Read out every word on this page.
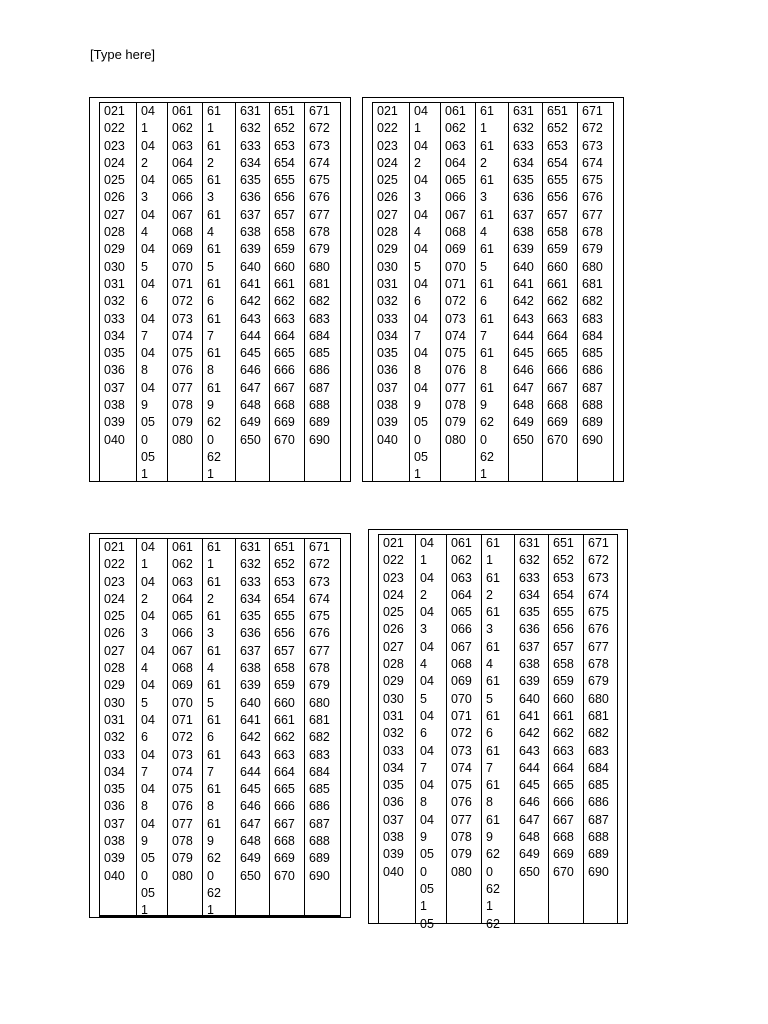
[Type here]
021
022
023
024
025
026
027
028
029
030
031
032
033
034
035
036
037
038
039
040
04
1
04
2
04
3
04
4
04
5
04
6
04
7
04
8
04
9
05
0
05
1
061
062
063
064
065
066
067
068
069
070
071
072
073
074
075
076
077
078
079
080
61
1
61
2
61
3
61
4
61
5
61
6
61
7
61
8
61
9
62
0
62
1
631
632
633
634
635
636
637
638
639
640
641
642
643
644
645
646
647
648
649
650
651
652
653
654
655
656
657
658
659
660
661
662
663
664
665
666
667
668
669
670
671
672
673
674
675
676
677
678
679
680
681
682
683
684
685
686
687
688
689
690
021
022
023
024
025
026
027
028
029
030
031
032
033
034
035
036
037
038
039
040
04
1
04
2
04
3
04
4
04
5
04
6
04
7
04
8
04
9
05
0
05
1
061
062
063
064
065
066
067
068
069
070
071
072
073
074
075
076
077
078
079
080
61
1
61
2
61
3
61
4
61
5
61
6
61
7
61
8
61
9
62
0
62
1
631
632
633
634
635
636
637
638
639
640
641
642
643
644
645
646
647
648
649
650
651
652
653
654
655
656
657
658
659
660
661
662
663
664
665
666
667
668
669
670
671
672
673
674
675
676
677
678
679
680
681
682
683
684
685
686
687
688
689
690
021
022
023
024
025
026
027
028
029
030
031
032
033
034
035
036
037
038
039
040
04
1
04
2
04
3
04
4
04
5
04
6
04
7
04
8
04
9
05
0
05
1
061
062
063
064
065
066
067
068
069
070
071
072
073
074
075
076
077
078
079
080
61
1
61
2
61
3
61
4
61
5
61
6
61
7
61
8
61
9
62
0
62
1
631
632
633
634
635
636
637
638
639
640
641
642
643
644
645
646
647
648
649
650
651
652
653
654
655
656
657
658
659
660
661
662
663
664
665
666
667
668
669
670
671
672
673
674
675
676
677
678
679
680
681
682
683
684
685
686
687
688
689
690
021
022
023
024
025
026
027
028
029
030
031
032
033
034
035
036
037
038
039
040
04
1
04
2
04
3
04
4
04
5
04
6
04
7
04
8
04
9
05
0
05
1
05
061
062
063
064
065
066
067
068
069
070
071
072
073
074
075
076
077
078
079
080
61
1
61
2
61
3
61
4
61
5
61
6
61
7
61
8
61
9
62
0
62
1
62
631
632
633
634
635
636
637
638
639
640
641
642
643
644
645
646
647
648
649
650
651
652
653
654
655
656
657
658
659
660
661
662
663
664
665
666
667
668
669
670
671
672
673
674
675
676
677
678
679
680
681
682
683
684
685
686
687
688
689
690
